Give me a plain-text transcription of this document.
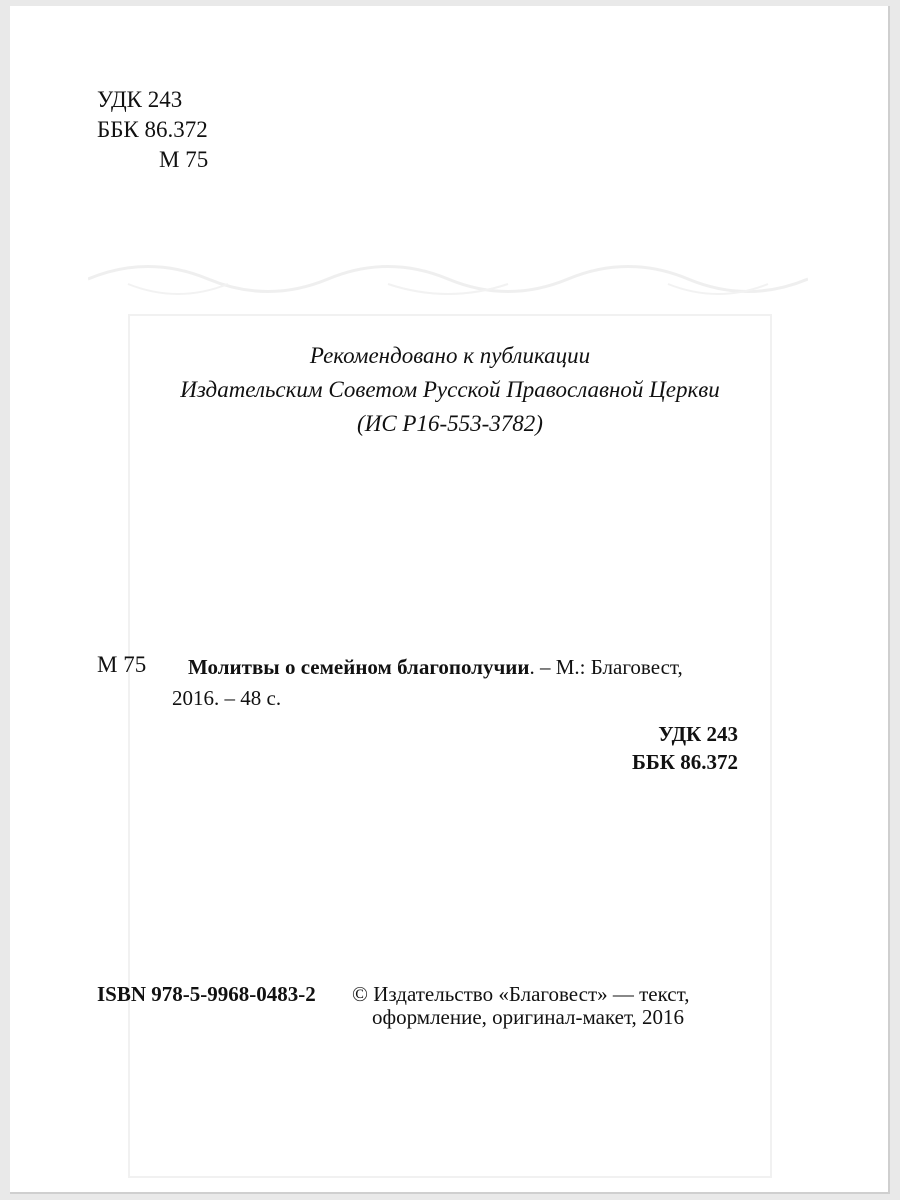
УДК 243
ББК 86.372
М 75
Рекомендовано к публикации
Издательским Советом Русской Православной Церкви
(ИС Р16-553-3782)
М 75 Молитвы о семейном благополучии. – М.: Благовест,
2016. – 48 с.
УДК 243
ББК 86.372
ISBN 978-5-9968-0483-2 © Издательство «Благовест» — текст,
оформление, оригинал-макет, 2016
